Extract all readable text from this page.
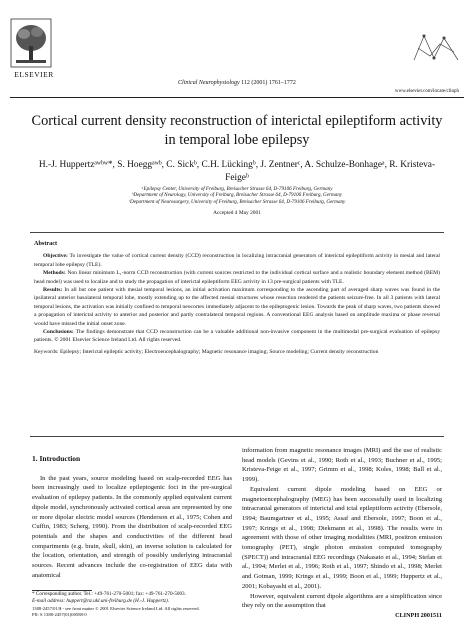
ELSEVIER
Clinical Neurophysiology 112 (2001) 1761–1772
www.elsevier.com/locate/clinph
Cortical current density reconstruction of interictal epileptiform activity in temporal lobe epilepsy
H.-J. Huppertzᵃʷᵇʷ*, S. Hoeggᵃʷᵇ, C. Sickᵇ, C.H. Lückingᵇ, J. Zentnerᶜ, A. Schulze-Bonhageᵃ, R. Kristeva-Feigeᵇ
ᵃEpilepsy Center, University of Freiburg, Breisacher Strasse 64, D-79106 Freiburg, Germany
ᵇDepartment of Neurology, University of Freiburg, Breisacher Strasse 64, D-79106 Freiburg, Germany
ᶜDepartment of Neurosurgery, University of Freiburg, Breisacher Strasse 64, D-79106 Freiburg, Germany
Accepted 4 May 2001

Abstract

Objective: To investigate the value of cortical current density (CCD) reconstruction in localizing intracranial generators of interictal epileptiform activity in mesial and lateral temporal lobe epilepsy (TLE).

Methods: Non linear minimum L₁-norm CCD reconstruction (with current sources restricted to the individual cortical surface and a realistic boundary element method (BEM) head model) was used to localize and to study the propagation of interictal epileptiform EEG activity in 13 pre-surgical patients with TLE.

Results: In all but one patient with mesial temporal lesions, an initial activation maximum corresponding to the ascending part of averaged sharp waves was found in the ipsilateral anterior basolateral temporal lobe, mostly extending up to the affected mesial structures whose resection rendered the patients seizure-free. In all 3 patients with lateral temporal lesions, the activation was initially confined to temporal neocortex immediately adjacent to the epileptogenic lesion. Towards the peak of sharp waves, two patients showed a propagation of interictal activity to anterior and posterior and partly contralateral temporal regions. A conventional EEG analysis based on amplitude maxima or phase reversal would have missed the initial onset zone.

Conclusions: The findings demonstrate that CCD reconstruction can be a valuable additional non-invasive component in the multimodal pre-surgical evaluation of epilepsy patients. © 2001 Elsevier Science Ireland Ltd. All rights reserved.

Keywords: Epilepsy; Interictal epileptic activity; Electroencephalography; Magnetic resonance imaging; Source modeling; Current density reconstruction

1. Introduction

In the past years, source modeling based on scalp-recorded EEG has been increasingly used to localize epileptogenic foci in the pre-surgical evaluation of epilepsy patients. In the commonly applied equivalent current dipole model, synchronously activated cortical areas are represented by one or more dipolar electric model sources (Henderson et al., 1975; Cohen and Cuffin, 1983; Scherg, 1990). From the distribution of scalp-recorded EEG potentials and the shapes and conductivities of the different head compartments (e.g. brain, skull, skin), an inverse solution is calculated for the location, orientation, and strength of possibly underlying intracranial sources. Recent advances include the co-registration of EEG data with anatomical

information from magnetic resonance images (MRI) and the use of realistic head models (Gevins et al., 1990; Roth et al., 1993; Buchner et al., 1995; Kristeva-Feige et al., 1997; Grimm et al., 1998; Koles, 1998; Ball et al., 1999).

Equivalent current dipole modeling based on EEG or magnetoencephalography (MEG) has been successfully used in localizing intracranial generators of interictal and ictal epileptiform activity (Ebersole, 1994; Baumgartner et al., 1995; Assaf and Ebersole, 1997; Boon et al., 1997; Krings et al., 1998; Diekmann et al., 1998). The results were in agreement with those of other imaging modalities (MRI, positron emission tomography (PET), single photon emission computed tomography (SPECT)) and intracranial EEG recordings (Nakasato et al., 1994; Stefan et al., 1994; Merlet et al., 1996; Roth et al., 1997; Shindo et al., 1998; Merlet and Gotman, 1999; Krings et al., 1999; Boon et al., 1999; Huppertz et al., 2001; Kobayashi et al., 2001).

However, equivalent current dipole algorithms are a simplification since they rely on the assumption that

* Corresponding author. Tel.: +49-761-270-5001; fax: +49-761-270-5003.

E-mail address: huppert@nz.ukl.uni-freiburg.de (H.-J. Huppertz).

1388-2457/01/$ - see front matter © 2001 Elsevier Science Ireland Ltd. All rights reserved.
PII: S 1388-2457(01)00588-0	CLINPH 2001511
